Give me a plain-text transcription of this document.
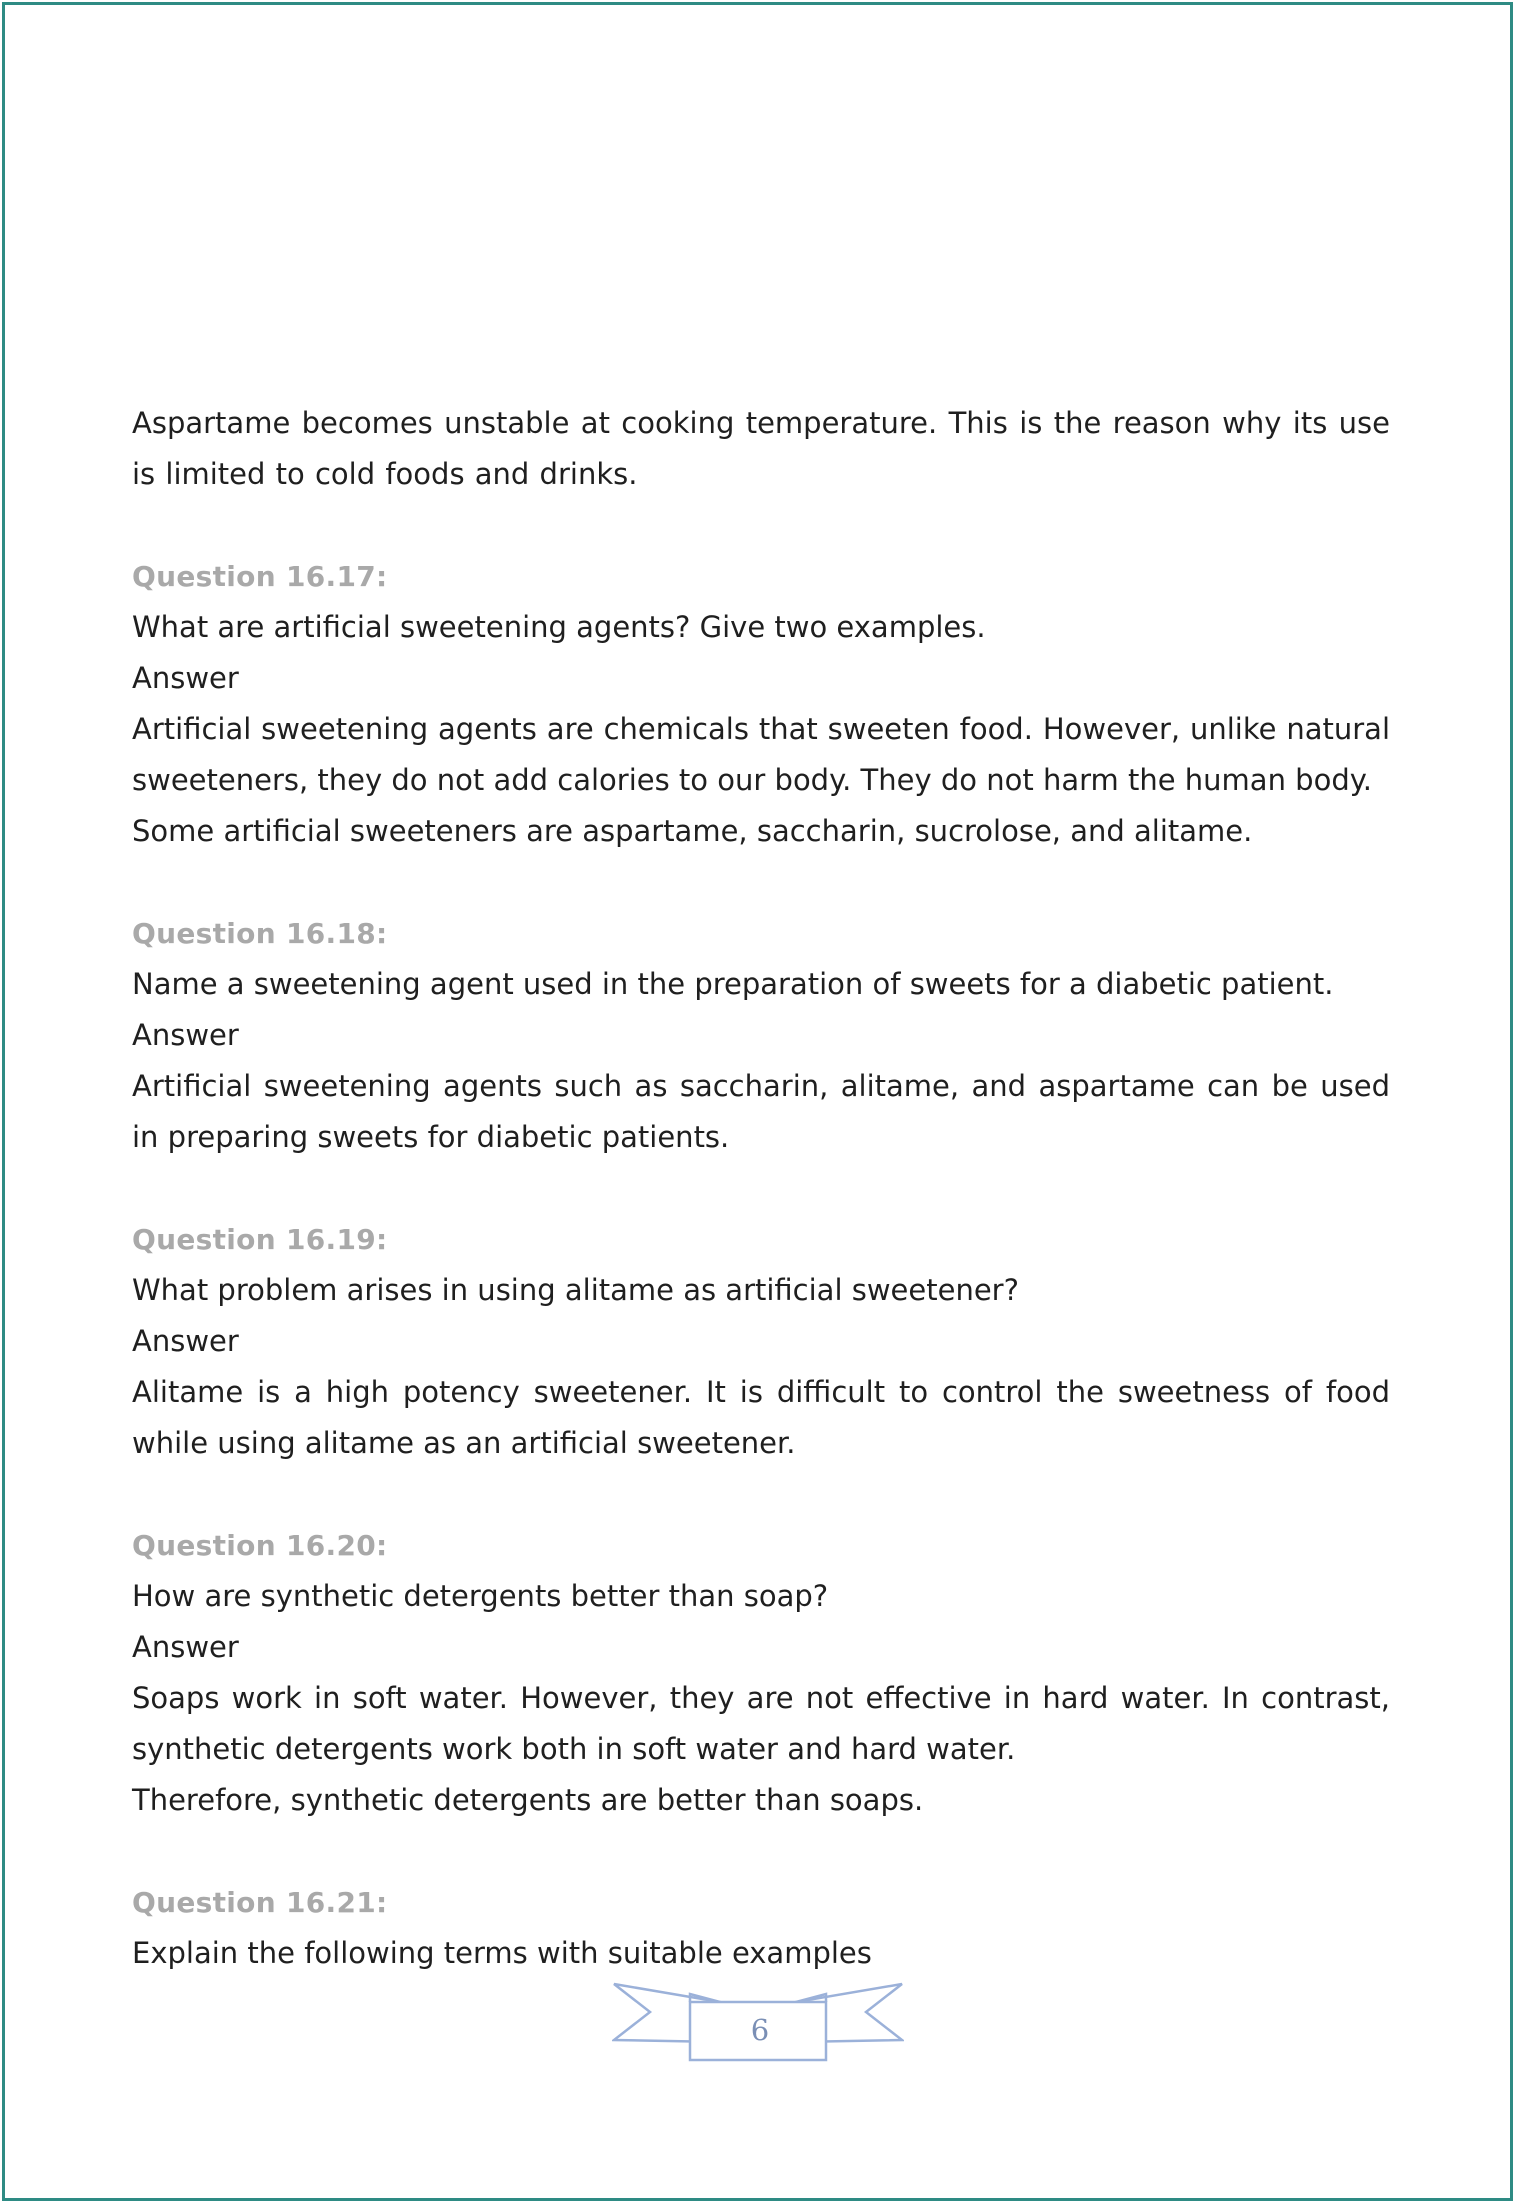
Aspartame becomes unstable at cooking temperature. This is the reason why its use is limited to cold foods and drinks.

Question 16.17:

What are artificial sweetening agents? Give two examples.

Answer

Artificial sweetening agents are chemicals that sweeten food. However, unlike natural sweeteners, they do not add calories to our body. They do not harm the human body.

Some artificial sweeteners are aspartame, saccharin, sucrolose, and alitame.

Question 16.18:

Name a sweetening agent used in the preparation of sweets for a diabetic patient.

Answer

Artificial sweetening agents such as saccharin, alitame, and aspartame can be used in preparing sweets for diabetic patients.

Question 16.19:

What problem arises in using alitame as artificial sweetener?

Answer

Alitame is a high potency sweetener. It is difficult to control the sweetness of food while using alitame as an artificial sweetener.

Question 16.20:

How are synthetic detergents better than soap?

Answer

Soaps work in soft water. However, they are not effective in hard water. In contrast, synthetic detergents work both in soft water and hard water.

Therefore, synthetic detergents are better than soaps.

Question 16.21:

Explain the following terms with suitable examples

6
